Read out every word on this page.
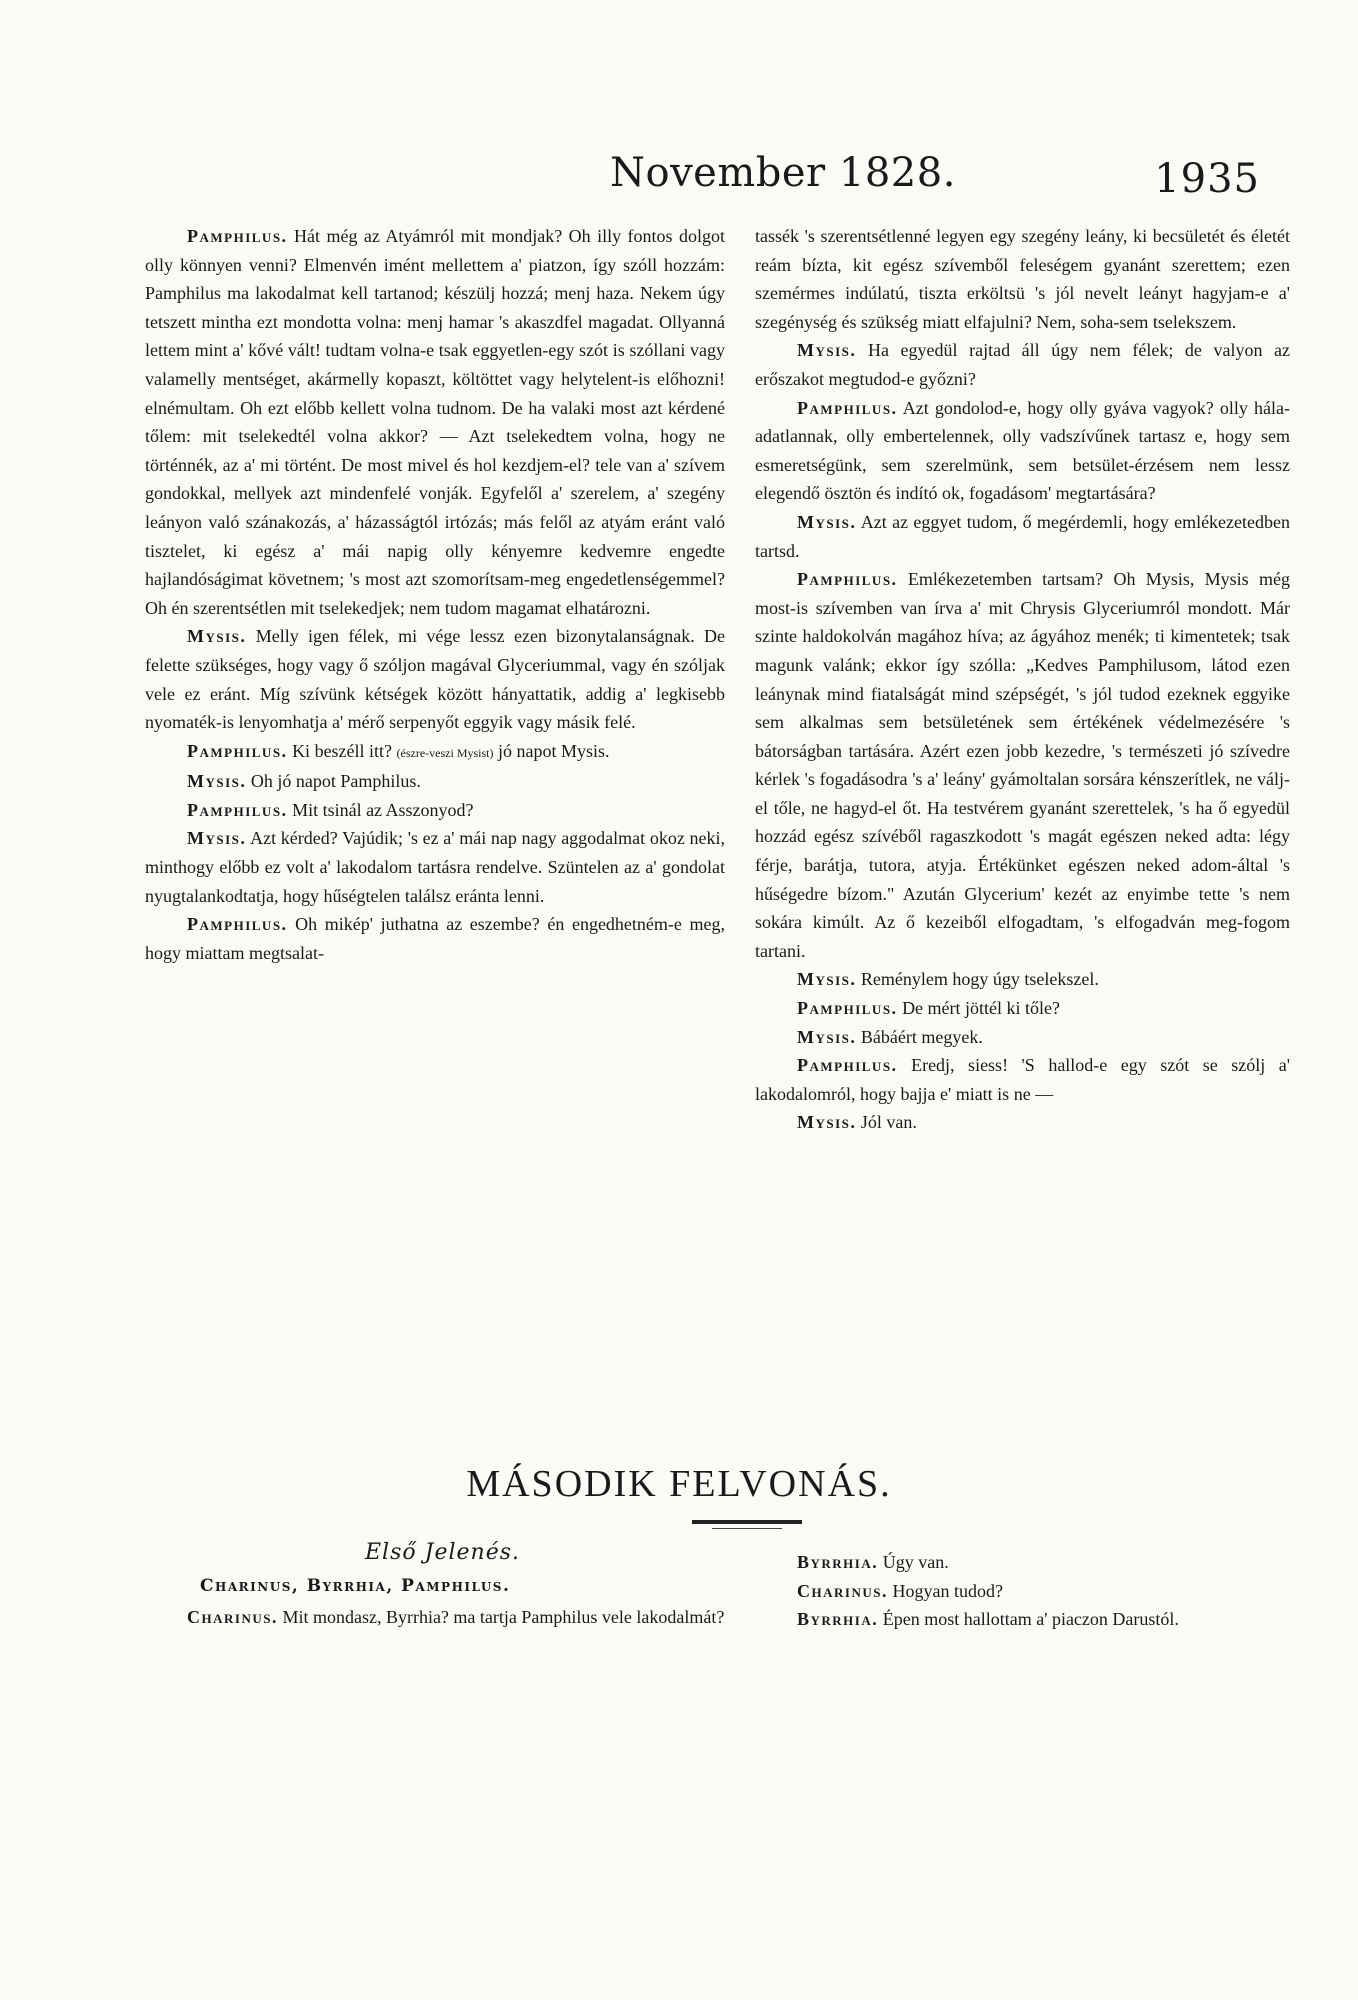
November 1828.	1935

Pamphilus. Hát még az Atyámról mit mondjak? Oh illy fontos dolgot olly könnyen venni? Elmenvén imént mellettem a' piatzon, így szóll hozzám: Pamphilus ma lakodalmat kell tartanod; készülj hozzá; menj haza. Nekem úgy tetszett mintha ezt mondotta volna: menj hamar 's akaszdfel magadat. Ollyanná lettem mint a' kővé vált! tudtam volna-e tsak eggyetlen-egy szót is szóllani vagy valamelly mentséget, akármelly kopaszt, költöttet vagy helytelent-is előhozni! elnémultam. Oh ezt előbb kellett volna tudnom. De ha valaki most azt kérdené tőlem: mit tselekedtél volna akkor? — Azt tselekedtem volna, hogy ne történnék, az a' mi történt. De most mivel és hol kezdjem-el? tele van a' szívem gondokkal, mellyek azt mindenfelé vonják. Egyfelől a' szerelem, a' szegény leányon való szánakozás, a' házasságtól irtózás; más felől az atyám eránt való tisztelet, ki egész a' mái napig olly kényemre kedvemre engedte hajlandóságimat követnem; 's most azt szomorítsam-meg engedetlenségemmel? Oh én szerentsétlen mit tselekedjek; nem tudom magamat elhatározni.

Mysis. Melly igen félek, mi vége lessz ezen bizonytalanságnak. De felette szükséges, hogy vagy ő szóljon magával Glyceriummal, vagy én szóljak vele ez eránt. Míg szívünk kétségek között hányattatik, addig a' legkisebb nyomaték-is lenyomhatja a' mérő serpenyőt eggyik vagy másik felé.

Pamphilus. Ki beszéll itt? (észre-veszi Mysist) jó napot Mysis.

Mysis. Oh jó napot Pamphilus.

Pamphilus. Mit tsinál az Asszonyod?

Mysis. Azt kérded? Vajúdik; 's ez a' mái nap nagy aggodalmat okoz neki, minthogy előbb ez volt a' lakodalom tartásra rendelve. Szüntelen az a' gondolat nyugtalankodtatja, hogy hűségtelen találsz eránta lenni.

Pamphilus. Oh mikép' juthatna az eszembe? én engedhetném-e meg, hogy miattam megtsalat-

tassék 's szerentsétlenné legyen egy szegény leány, ki becsületét és életét reám bízta, kit egész szívemből feleségem gyanánt szerettem; ezen szemérmes indúlatú, tiszta erköltsü 's jól nevelt leányt hagyjam-e a' szegénység és szükség miatt elfajulni? Nem, soha-sem tselekszem.

Mysis. Ha egyedül rajtad áll úgy nem félek; de valyon az erőszakot megtudod-e győzni?

Pamphilus. Azt gondolod-e, hogy olly gyáva vagyok? olly hála-adatlannak, olly embertelennek, olly vadszívűnek tartasz e, hogy sem esmeretségünk, sem szerelmünk, sem betsület-érzésem nem lessz elegendő ösztön és indító ok, fogadásom' megtartására?

Mysis. Azt az eggyet tudom, ő megérdemli, hogy emlékezetedben tartsd.

Pamphilus. Emlékezetemben tartsam? Oh Mysis, Mysis még most-is szívemben van írva a' mit Chrysis Glyceriumról mondott. Már szinte haldokolván magához híva; az ágyához menék; ti kimentetek; tsak magunk valánk; ekkor így szólla: „Kedves Pamphilusom, látod ezen leánynak mind fiatalságát mind szépségét, 's jól tudod ezeknek eggyike sem alkalmas sem betsületének sem értékének védelmezésére 's bátorságban tartására. Azért ezen jobb kezedre, 's természeti jó szívedre kérlek 's fogadásodra 's a' leány' gyámoltalan sorsára kénszerítlek, ne válj-el tőle, ne hagyd-el őt. Ha testvérem gyanánt szerettelek, 's ha ő egyedül hozzád egész szívéből ragaszkodott 's magát egészen neked adta: légy férje, barátja, tutora, atyja. Értékünket egészen neked adom-által 's hűségedre bízom." Azután Glycerium' kezét az enyimbe tette 's nem sokára kimúlt. Az ő kezeiből elfogadtam, 's elfogadván meg-fogom tartani.

Mysis. Reménylem hogy úgy tselekszel.

Pamphilus. De mért jöttél ki tőle?

Mysis. Bábáért megyek.

Pamphilus. Eredj, siess! 'S hallod-e egy szót se szólj a' lakodalomról, hogy bajja e' miatt is ne —

Mysis. Jól van.

MÁSODIK FELVONÁS.
Első Jelenés.
Charinus, Byrrhia, Pamphilus.

Charinus. Mit mondasz, Byrrhia? ma tartja Pamphilus vele lakodalmát?

Byrrhia. Úgy van.

Charinus. Hogyan tudod?

Byrrhia. Épen most hallottam a' piaczon Darustól.
